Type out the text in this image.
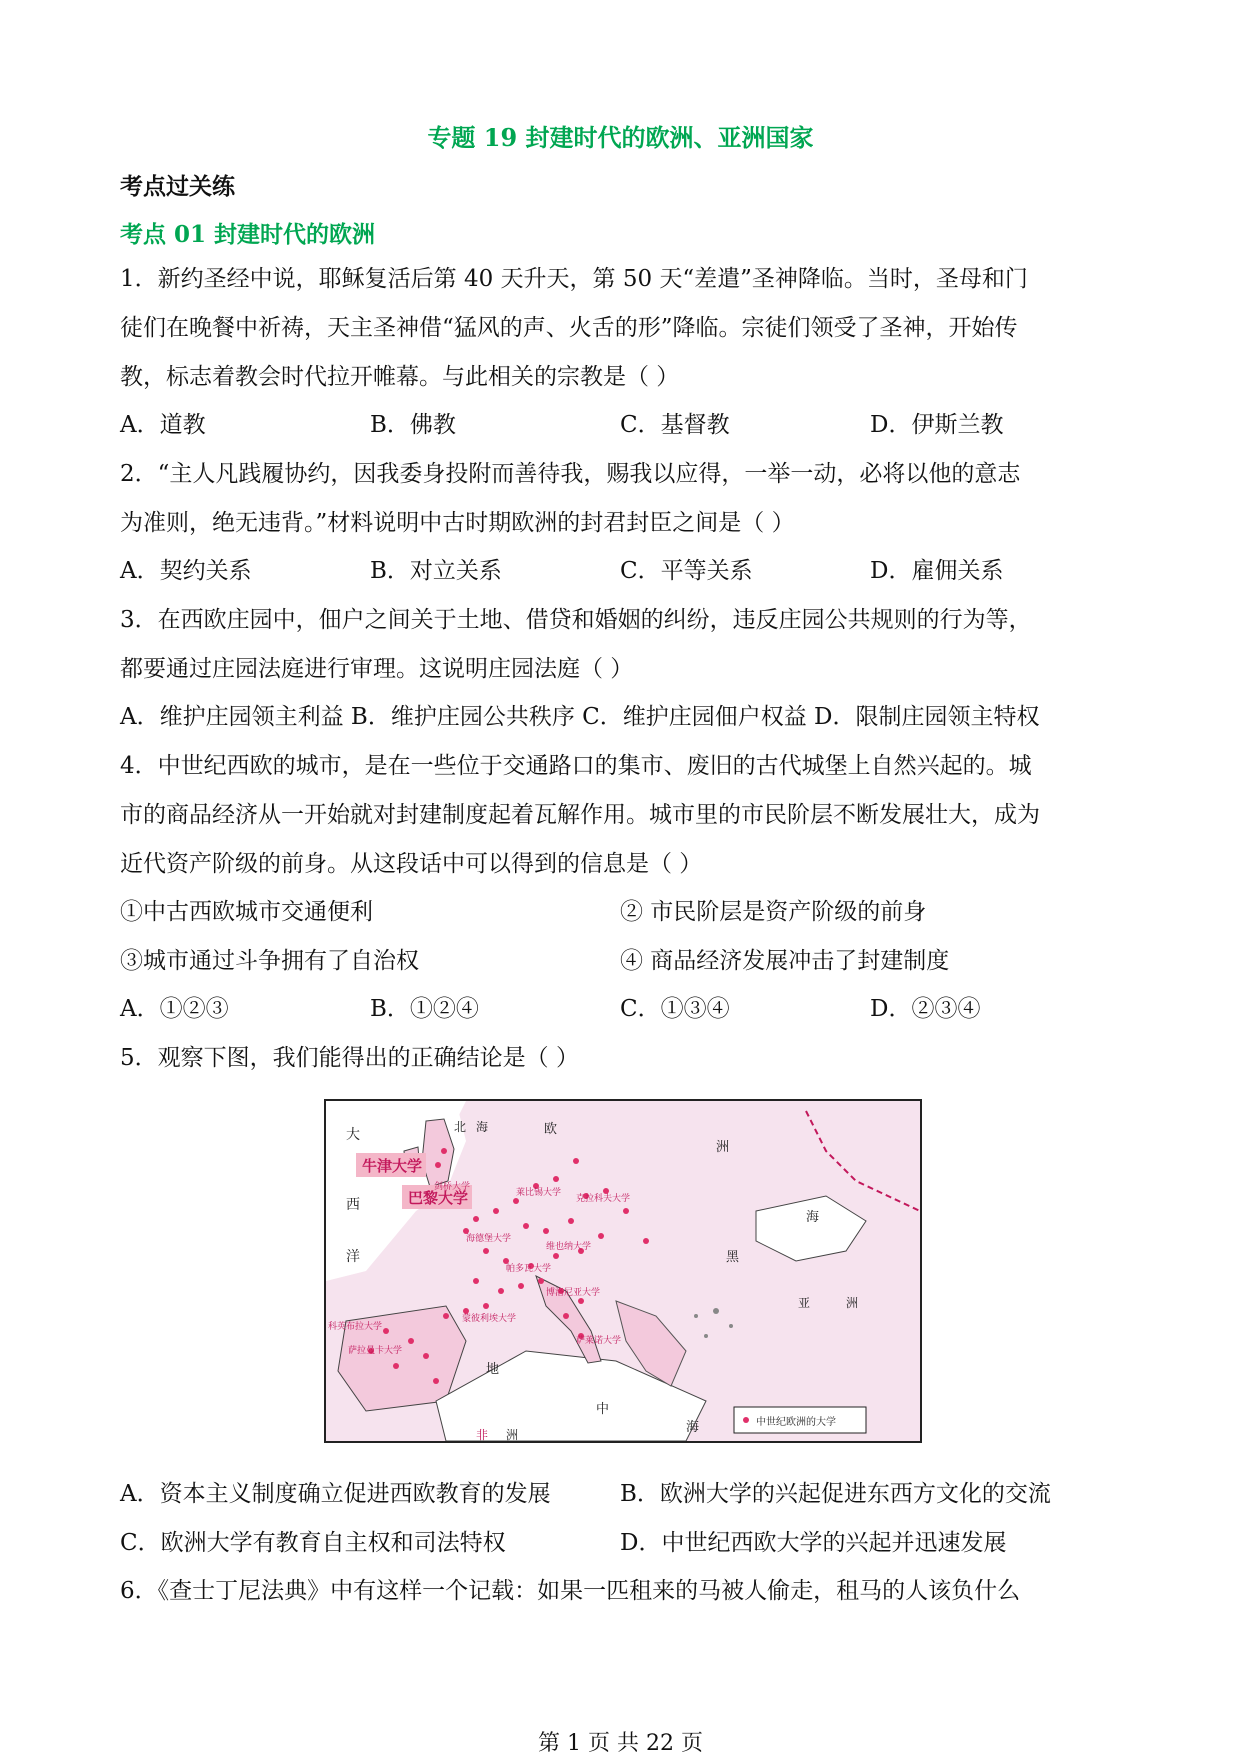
专题 19 封建时代的欧洲、亚洲国家
考点过关练
考点 01 封建时代的欧洲
1．新约圣经中说，耶稣复活后第 40 天升天，第 50 天“差遣”圣神降临。当时，圣母和门
徒们在晚餐中祈祷，天主圣神借“猛风的声、火舌的形”降临。宗徒们领受了圣神，开始传
教，标志着教会时代拉开帷幕。与此相关的宗教是（ ）
A．道教	B．佛教	C．基督教	D．伊斯兰教
2．“主人凡践履协约，因我委身投附而善待我，赐我以应得，一举一动，必将以他的意志
为准则，绝无违背。”材料说明中古时期欧洲的封君封臣之间是（ ）
A．契约关系	B．对立关系	C．平等关系	D．雇佣关系
3．在西欧庄园中，佃户之间关于土地、借贷和婚姻的纠纷，违反庄园公共规则的行为等，
都要通过庄园法庭进行审理。这说明庄园法庭（ ）
A．维护庄园领主利益 B．维护庄园公共秩序 C．维护庄园佃户权益 D．限制庄园领主特权
4．中世纪西欧的城市，是在一些位于交通路口的集市、废旧的古代城堡上自然兴起的。城
市的商品经济从一开始就对封建制度起着瓦解作用。城市里的市民阶层不断发展壮大，成为
近代资产阶级的前身。从这段话中可以得到的信息是（ ）
①中古西欧城市交通便利	② 市民阶层是资产阶级的前身
③城市通过斗争拥有了自治权	④ 商品经济发展冲击了封建制度
A．①②③	B．①②④	C．①③④	D．②③④
5．观察下图，我们能得出的正确结论是（ ）
大
西
洋
北 海	欧
洲
黑
海
亚	洲
地
中
海
非 洲
牛津大学
巴黎大学
剑桥大学
莱比锡大学
克拉科夫大学
海德堡大学
维也纳大学
帕多瓦大学
博洛尼亚大学
蒙彼利埃大学
科英布拉大学
萨拉曼卡大学
萨莱诺大学
中世纪欧洲的大学
A．资本主义制度确立促进西欧教育的发展	B．欧洲大学的兴起促进东西方文化的交流
C．欧洲大学有教育自主权和司法特权	D．中世纪西欧大学的兴起并迅速发展
6．《查士丁尼法典》中有这样一个记载：如果一匹租来的马被人偷走，租马的人该负什么
第 1 页 共 22 页
